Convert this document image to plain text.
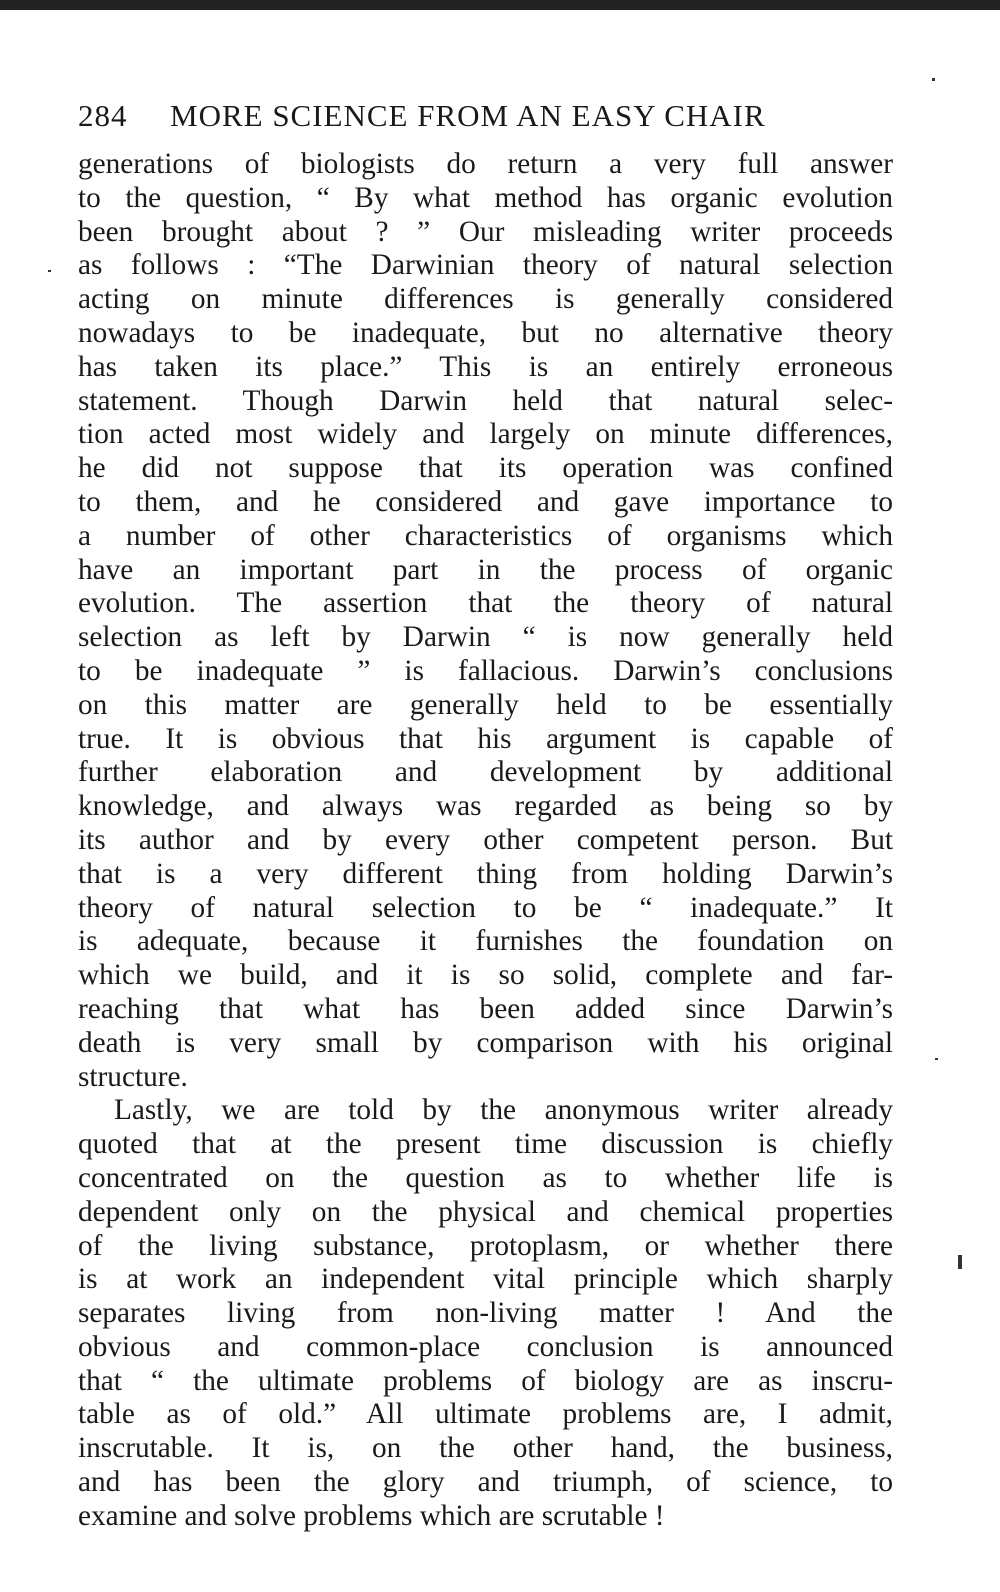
284 MORE SCIENCE FROM AN EASY CHAIR
generations of biologists do return a very full answer
to the question, “ By what method has organic evolution
been brought about ? ” Our misleading writer proceeds
as follows : “The Darwinian theory of natural selection
acting on minute differences is generally considered
nowadays to be inadequate, but no alternative theory
has taken its place.” This is an entirely erroneous
statement. Though Darwin held that natural selec-
tion acted most widely and largely on minute differences,
he did not suppose that its operation was confined
to them, and he considered and gave importance to
a number of other characteristics of organisms which
have an important part in the process of organic
evolution. The assertion that the theory of natural
selection as left by Darwin “ is now generally held
to be inadequate ” is fallacious. Darwin’s conclusions
on this matter are generally held to be essentially
true. It is obvious that his argument is capable of
further elaboration and development by additional
knowledge, and always was regarded as being so by
its author and by every other competent person. But
that is a very different thing from holding Darwin’s
theory of natural selection to be “ inadequate.” It
is adequate, because it furnishes the foundation on
which we build, and it is so solid, complete and far-
reaching that what has been added since Darwin’s
death is very small by comparison with his original
structure.
Lastly, we are told by the anonymous writer already
quoted that at the present time discussion is chiefly
concentrated on the question as to whether life is
dependent only on the physical and chemical properties
of the living substance, protoplasm, or whether there
is at work an independent vital principle which sharply
separates living from non-living matter ! And the
obvious and common-place conclusion is announced
that “ the ultimate problems of biology are as inscru-
table as of old.” All ultimate problems are, I admit,
inscrutable. It is, on the other hand, the business,
and has been the glory and triumph, of science, to
examine and solve problems which are scrutable !
